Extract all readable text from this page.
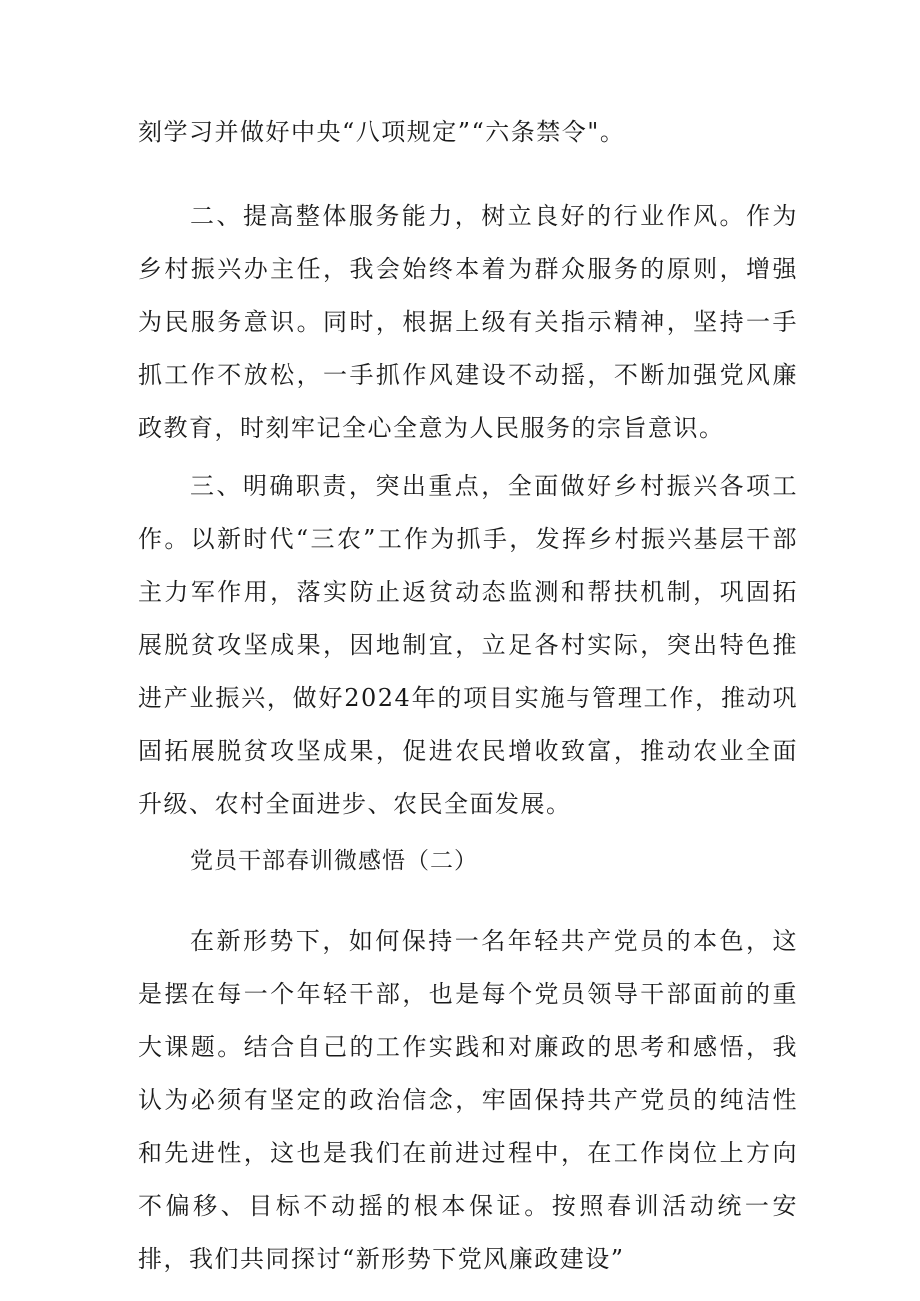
刻学习并做好中央“八项规定”“六条禁令"。

二、提高整体服务能力，树立良好的行业作风。作为乡村振兴办主任，我会始终本着为群众服务的原则，增强为民服务意识。同时，根据上级有关指示精神，坚持一手抓工作不放松，一手抓作风建设不动摇，不断加强党风廉政教育，时刻牢记全心全意为人民服务的宗旨意识。

三、明确职责，突出重点，全面做好乡村振兴各项工作。以新时代“三农”工作为抓手，发挥乡村振兴基层干部主力军作用，落实防止返贫动态监测和帮扶机制，巩固拓展脱贫攻坚成果，因地制宜，立足各村实际，突出特色推进产业振兴，做好2024年的项目实施与管理工作，推动巩固拓展脱贫攻坚成果，促进农民增收致富，推动农业全面升级、农村全面进步、农民全面发展。

党员干部春训微感悟（二）

在新形势下，如何保持一名年轻共产党员的本色，这是摆在每一个年轻干部，也是每个党员领导干部面前的重大课题。结合自己的工作实践和对廉政的思考和感悟，我认为必须有坚定的政治信念，牢固保持共产党员的纯洁性和先进性，这也是我们在前进过程中，在工作岗位上方向不偏移、目标不动摇的根本保证。按照春训活动统一安排，我们共同探讨“新形势下党风廉政建设”
